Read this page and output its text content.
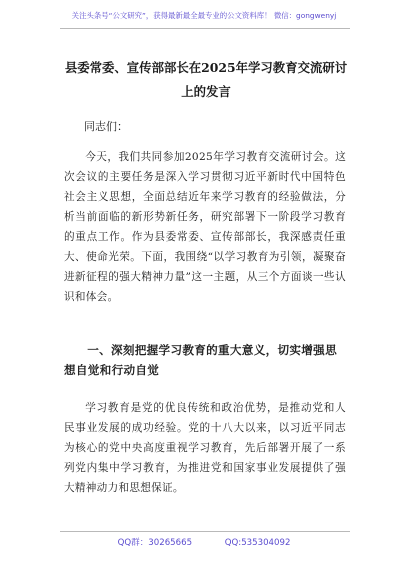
关注头条号“公文研究”，获得最新最全最专业的公文资料库！ 微信：gongwenyj
县委常委、宣传部部长在2025年学习教育交流研讨上的发言
同志们：
今天，我们共同参加2025年学习教育交流研讨会。这次会议的主要任务是深入学习贯彻习近平新时代中国特色社会主义思想，全面总结近年来学习教育的经验做法，分析当前面临的新形势新任务，研究部署下一阶段学习教育的重点工作。作为县委常委、宣传部部长，我深感责任重大、使命光荣。下面，我围绕“以学习教育为引领，凝聚奋进新征程的强大精神力量”这一主题，从三个方面谈一些认识和体会。
一、深刻把握学习教育的重大意义，切实增强思想自觉和行动自觉
学习教育是党的优良传统和政治优势，是推动党和人民事业发展的成功经验。党的十八大以来，以习近平同志为核心的党中央高度重视学习教育，先后部署开展了一系列党内集中学习教育，为推进党和国家事业发展提供了强大精神动力和思想保证。
QQ群：30265665	QQ:535304092
